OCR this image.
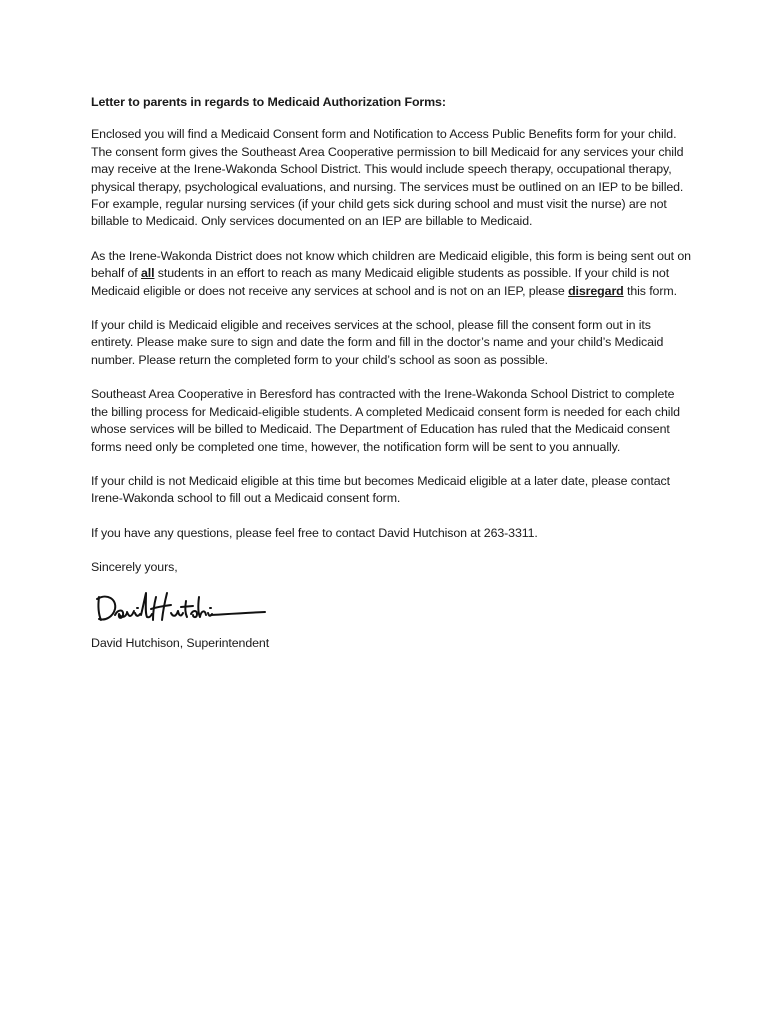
Letter to parents in regards to Medicaid Authorization Forms:

Enclosed you will find a Medicaid Consent form and Notification to Access Public Benefits form for your child. The consent form gives the Southeast Area Cooperative permission to bill Medicaid for any services your child may receive at the Irene-Wakonda School District. This would include speech therapy, occupational therapy, physical therapy, psychological evaluations, and nursing. The services must be outlined on an IEP to be billed. For example, regular nursing services (if your child gets sick during school and must visit the nurse) are not billable to Medicaid. Only services documented on an IEP are billable to Medicaid.

As the Irene-Wakonda District does not know which children are Medicaid eligible, this form is being sent out on behalf of all students in an effort to reach as many Medicaid eligible students as possible. If your child is not Medicaid eligible or does not receive any services at school and is not on an IEP, please disregard this form.

If your child is Medicaid eligible and receives services at the school, please fill the consent form out in its entirety. Please make sure to sign and date the form and fill in the doctor’s name and your child’s Medicaid number. Please return the completed form to your child’s school as soon as possible.

Southeast Area Cooperative in Beresford has contracted with the Irene-Wakonda School District to complete the billing process for Medicaid-eligible students. A completed Medicaid consent form is needed for each child whose services will be billed to Medicaid. The Department of Education has ruled that the Medicaid consent forms need only be completed one time, however, the notification form will be sent to you annually.

If your child is not Medicaid eligible at this time but becomes Medicaid eligible at a later date, please contact Irene-Wakonda school to fill out a Medicaid consent form.

If you have any questions, please feel free to contact David Hutchison at 263-3311.

Sincerely yours,

David Hutchison

David Hutchison, Superintendent
